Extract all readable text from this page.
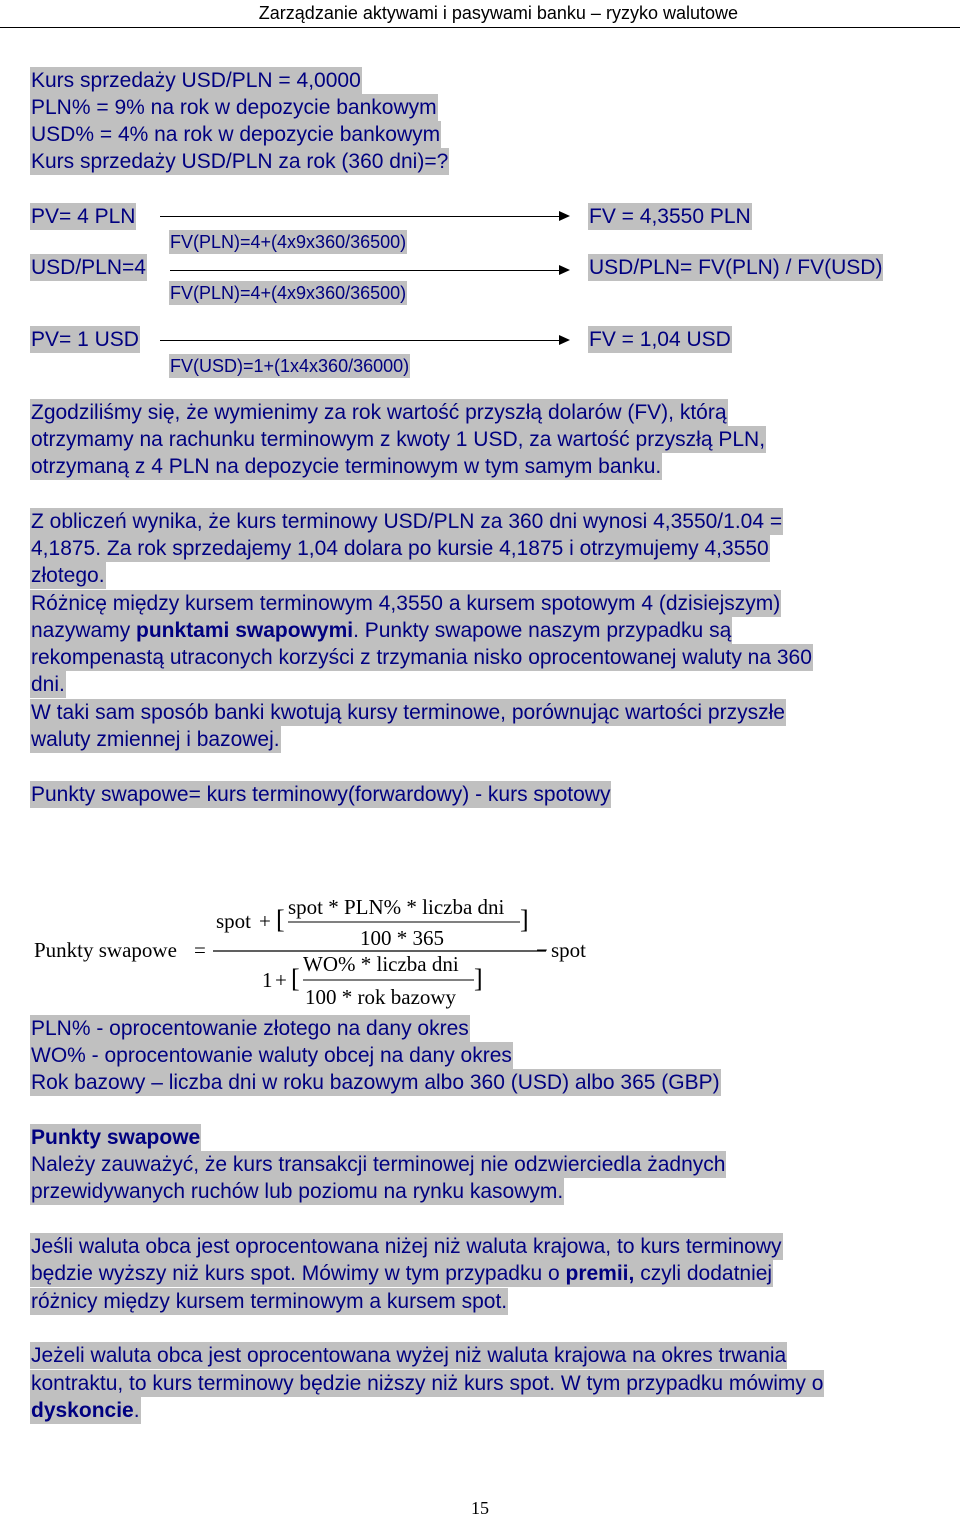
Zarządzanie aktywami i pasywami banku – ryzyko walutowe
Kurs sprzedaży USD/PLN = 4,0000
PLN% = 9% na rok w depozycie bankowym
USD% = 4% na rok w depozycie bankowym
Kurs sprzedaży USD/PLN za rok (360 dni)=?
PV= 4 PLN	FV = 4,3550 PLN
FV(PLN)=4+(4x9x360/36500)
USD/PLN=4	USD/PLN= FV(PLN) / FV(USD)
FV(PLN)=4+(4x9x360/36500)
PV= 1 USD	FV = 1,04 USD
FV(USD)=1+(1x4x360/36000)
Zgodziliśmy się, że wymienimy za rok wartość przyszłą dolarów (FV), którą
otrzymamy na rachunku terminowym z kwoty 1 USD, za wartość przyszłą PLN,
otrzymaną z 4 PLN na depozycie terminowym w tym samym banku.
Z obliczeń wynika, że kurs terminowy USD/PLN za 360 dni wynosi 4,3550/1.04 =
4,1875. Za rok sprzedajemy 1,04 dolara po kursie 4,1875 i otrzymujemy 4,3550
złotego.
Różnicę między kursem terminowym 4,3550 a kursem spotowym 4 (dzisiejszym)
nazywamy punktami swapowymi. Punkty swapowe naszym przypadku są
rekompenastą utraconych korzyści z trzymania nisko oprocentowanej waluty na 360
dni.
W taki sam sposób banki kwotują kursy terminowe, porównując wartości przyszłe
waluty zmiennej i bazowej.
Punkty swapowe= kurs terminowy(forwardowy) - kurs spotowy
Punkty swapowe =
spot + [ spot * PLN% * liczba dni
100 * 365
]
1 + [ WO% * liczba dni
100 * rok bazowy
]
− spot
PLN% - oprocentowanie złotego na dany okres
WO% - oprocentowanie waluty obcej na dany okres
Rok bazowy – liczba dni w roku bazowym albo 360 (USD) albo 365 (GBP)
Punkty swapowe
Należy zauważyć, że kurs transakcji terminowej nie odzwierciedla żadnych
przewidywanych ruchów lub poziomu na rynku kasowym.
Jeśli waluta obca jest oprocentowana niżej niż waluta krajowa, to kurs terminowy
będzie wyższy niż kurs spot. Mówimy w tym przypadku o premii, czyli dodatniej
różnicy między kursem terminowym a kursem spot.
Jeżeli waluta obca jest oprocentowana wyżej niż waluta krajowa na okres trwania
kontraktu, to kurs terminowy będzie niższy niż kurs spot. W tym przypadku mówimy o
dyskoncie.
15
